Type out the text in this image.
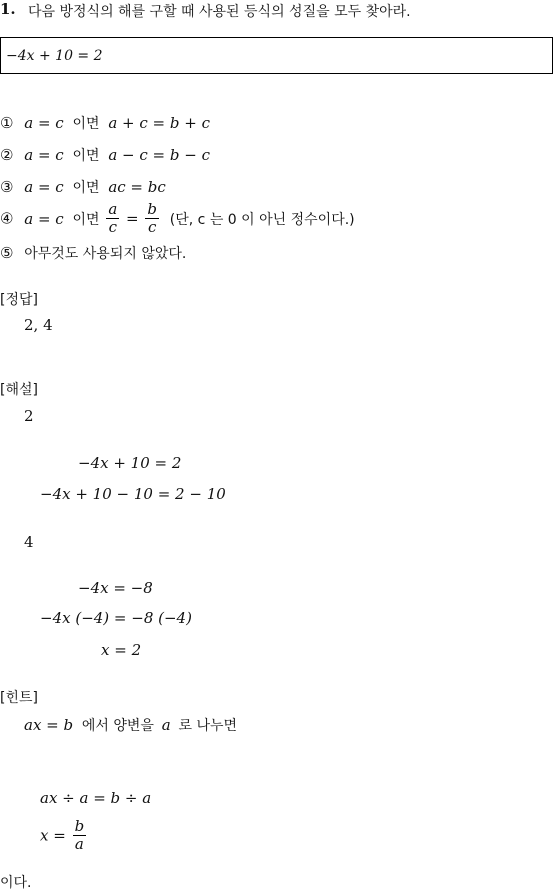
1. 다음 방정식의 해를 구할 때 사용된 등식의 성질을 모두 찾아라.
−4x + 10 = 2
① a = c 이면 a + c = b + c
② a = c 이면 a − c = b − c
③ a = c 이면 ac = bc
④ a = c 이면 $\frac{a}{c} = \frac{b}{c}$ (단, c 는 0 이 아닌 정수이다.)
⑤ 아무것도 사용되지 않았다.
[정답]
2, 4
[해설]
2
−4x + 10 = 2
−4x + 10 − 10 = 2 − 10
4
−4x = −8
−4x (−4) = −8 (−4)
x = 2
[힌트]
ax = b 에서 양변을 a 로 나누면
ax ÷ a = b ÷ a
$x = \frac{b}{a}$
이다.
